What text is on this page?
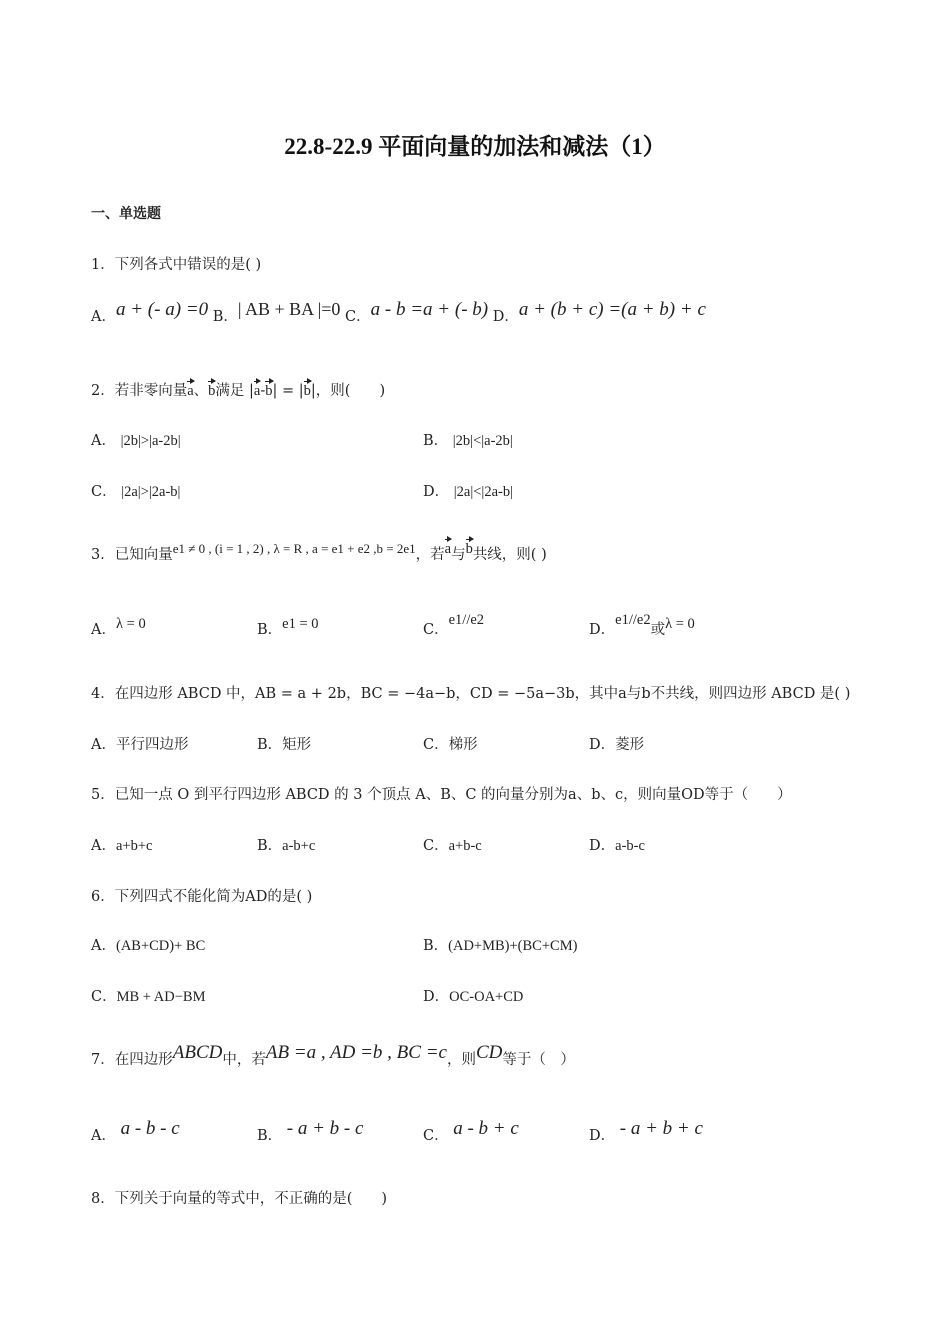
22.8-22.9 平面向量的加法和减法（1）
一、单选题
1．下列各式中错误的是( )
A．a + (- a) =0 B．| AB + BA |=0 C．a - b =a + (- b) D．a + (b + c) =(a + b) + c
2．若非零向量a、b满足 |a-b| = |b|，则(　　)
A． |2b|>|a-2b|	B． |2b|<|a-2b|
C． |2a|>|2a-b|	D． |2a|<|2a-b|
3．已知向量e1 ≠ 0 , (i = 1 , 2) , λ = R , a = e1 + e2 ,b = 2e1，若a与b共线，则( )
A．λ = 0	B．e1 = 0	C．e1//e2
D．e1//e2或λ = 0
4．在四边形 ABCD 中，AB = a + 2b，BC = −4a−b，CD = −5a−3b，其中a与b不共线，则四边形 ABCD 是( )
A．平行四边形	B．矩形	C．梯形	D．菱形
5．已知一点 O 到平行四边形 ABCD 的 3 个顶点 A、B、C 的向量分别为a、b、c，则向量OD等于（　　）
A．a+b+c	B．a-b+c	C．a+b-c	D．a-b-c
6．下列四式不能化简为AD的是( )
A．(AB+CD)+ BC	B．(AD+MB)+(BC+CM)
C．MB + AD−BM	D．OC-OA+CD
7．在四边形ABCD中，若AB =a , AD =b , BC =c，则CD等于（　）
A． a - b - c	B． - a + b - c	C． a - b + c	D． - a + b + c
8．下列关于向量的等式中，不正确的是(　　)
